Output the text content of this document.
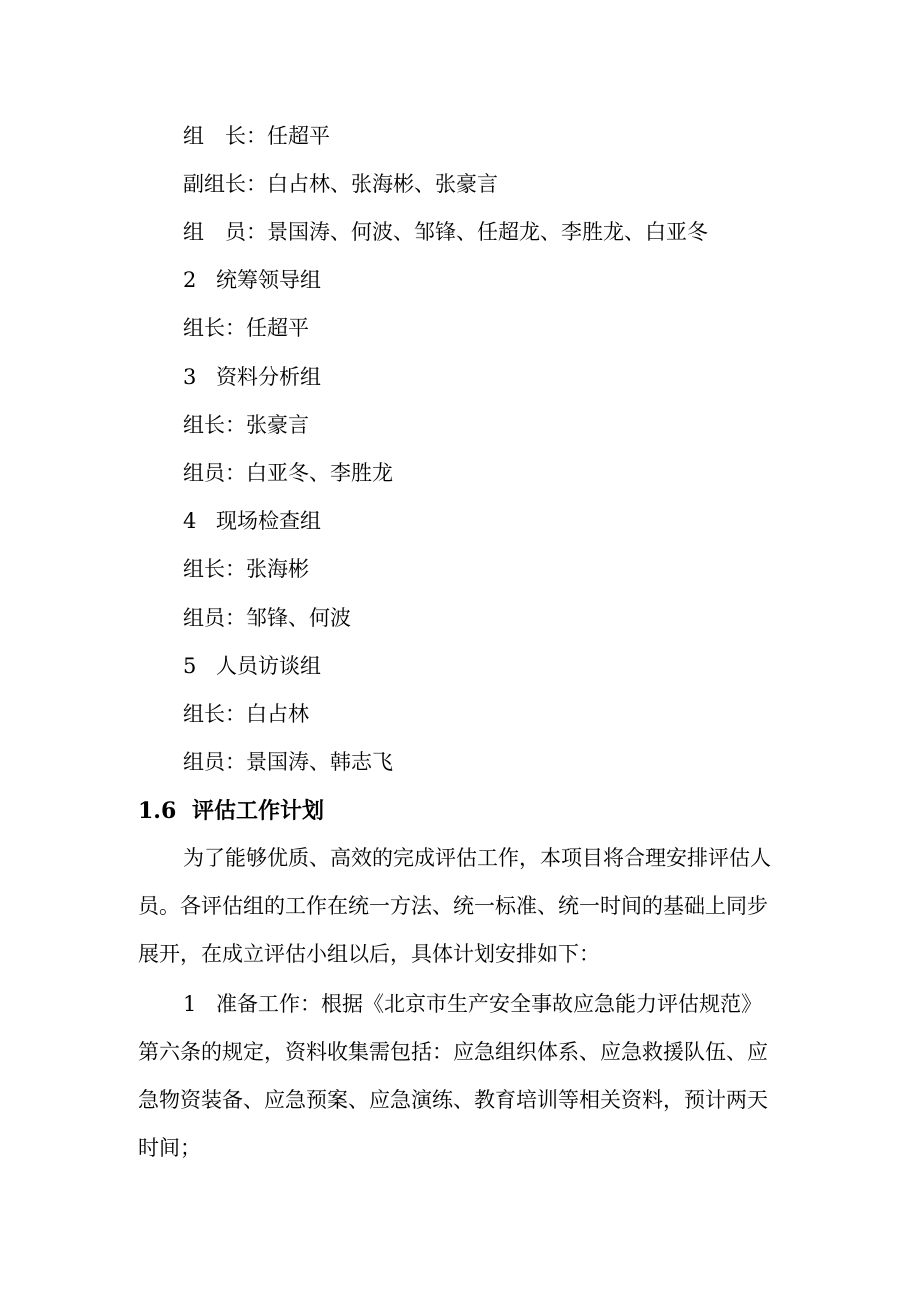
组　长：任超平

副组长：白占林、张海彬、张豪言

组　员：景国涛、何波、邹锋、任超龙、李胜龙、白亚冬

2 统筹领导组

组长：任超平

3 资料分析组

组长：张豪言

组员：白亚冬、李胜龙

4 现场检查组

组长：张海彬

组员：邹锋、何波

5 人员访谈组

组长：白占林

组员：景国涛、韩志飞

1.6 评估工作计划
为了能够优质、高效的完成评估工作，本项目将合理安排评估人
员。各评估组的工作在统一方法、统一标准、统一时间的基础上同步
展开，在成立评估小组以后，具体计划安排如下：
1 准备工作：根据《北京市生产安全事故应急能力评估规范》
第六条的规定，资料收集需包括：应急组织体系、应急救援队伍、应
急物资装备、应急预案、应急演练、教育培训等相关资料，预计两天
时间；
